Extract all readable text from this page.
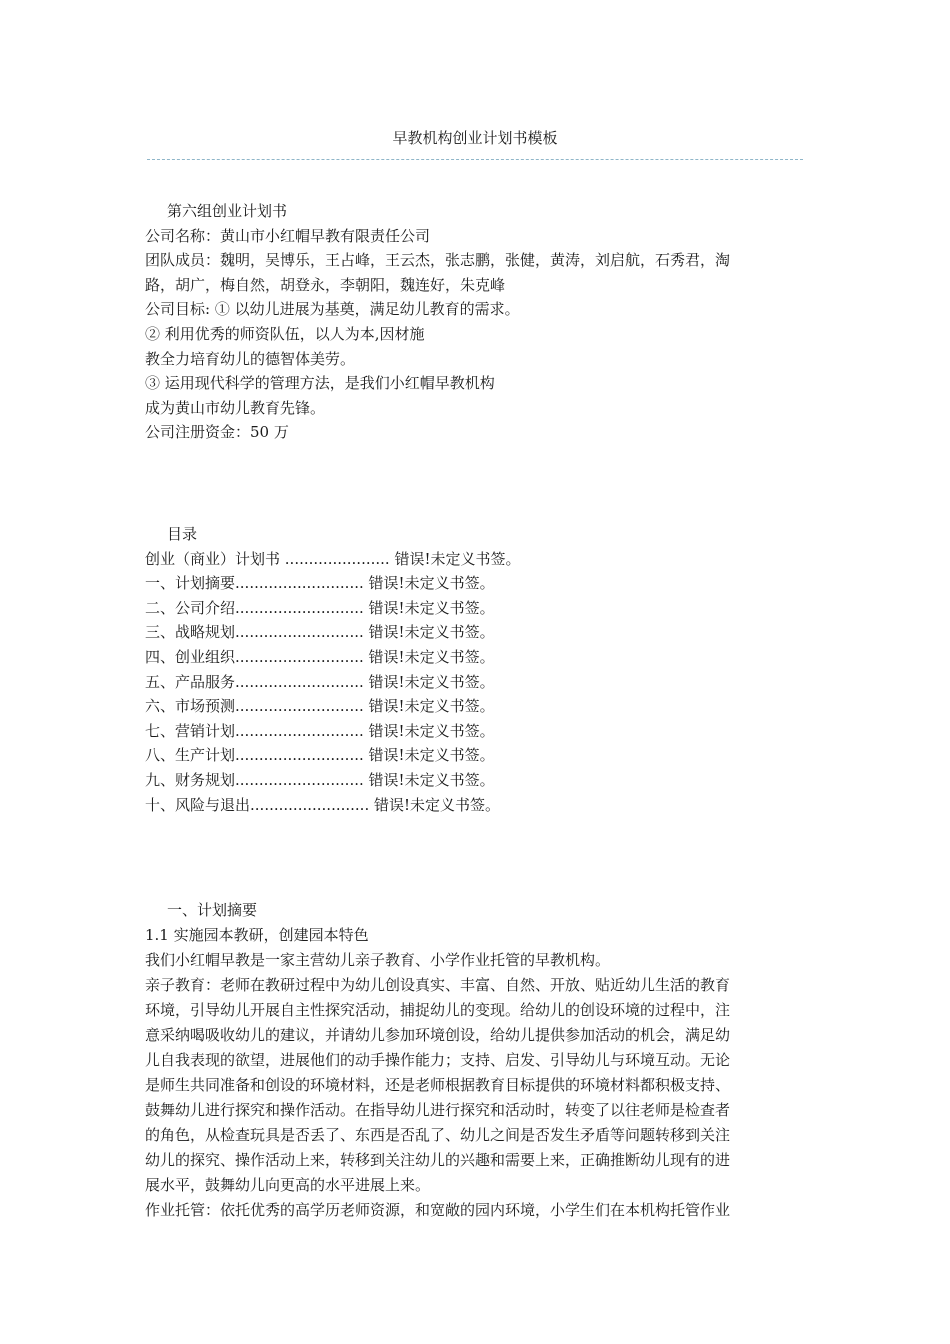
早教机构创业计划书模板

第六组创业计划书

公司名称：黄山市小红帽早教有限责任公司

团队成员：魏明，吴博乐，王占峰，王云杰，张志鹏，张健，黄涛，刘启航，石秀君，淘

路，胡广，梅自然，胡登永，李朝阳，魏连好，朱克峰

公司目标: ① 以幼儿进展为基奠，满足幼儿教育的需求。

② 利用优秀的师资队伍，以人为本,因材施

教全力培育幼儿的德智体美劳。

③ 运用现代科学的管理方法，是我们小红帽早教机构

成为黄山市幼儿教育先锋。

公司注册资金：50 万

目录

创业（商业）计划书 ...................... 错误!未定义书签。

一、计划摘要........................... 错误!未定义书签。

二、公司介绍........................... 错误!未定义书签。

三、战略规划........................... 错误!未定义书签。

四、创业组织........................... 错误!未定义书签。

五、产品服务........................... 错误!未定义书签。

六、市场预测........................... 错误!未定义书签。

七、营销计划........................... 错误!未定义书签。

八、生产计划........................... 错误!未定义书签。

九、财务规划........................... 错误!未定义书签。

十、风险与退出......................... 错误!未定义书签。

一、计划摘要

1.1 实施园本教研，创建园本特色

我们小红帽早教是一家主营幼儿亲子教育、小学作业托管的早教机构。

亲子教育：老师在教研过程中为幼儿创设真实、丰富、自然、开放、贴近幼儿生活的教育

环境，引导幼儿开展自主性探究活动，捕捉幼儿的变现。给幼儿的创设环境的过程中，注

意采纳喝吸收幼儿的建议，并请幼儿参加环境创设，给幼儿提供参加活动的机会，满足幼

儿自我表现的欲望，进展他们的动手操作能力；支持、启发、引导幼儿与环境互动。无论

是师生共同准备和创设的环境材料，还是老师根据教育目标提供的环境材料都积极支持、

鼓舞幼儿进行探究和操作活动。在指导幼儿进行探究和活动时，转变了以往老师是检查者

的角色，从检查玩具是否丢了、东西是否乱了、幼儿之间是否发生矛盾等问题转移到关注

幼儿的探究、操作活动上来，转移到关注幼儿的兴趣和需要上来，正确推断幼儿现有的进

展水平，鼓舞幼儿向更高的水平进展上来。

作业托管：依托优秀的高学历老师资源，和宽敞的园内环境，小学生们在本机构托管作业
